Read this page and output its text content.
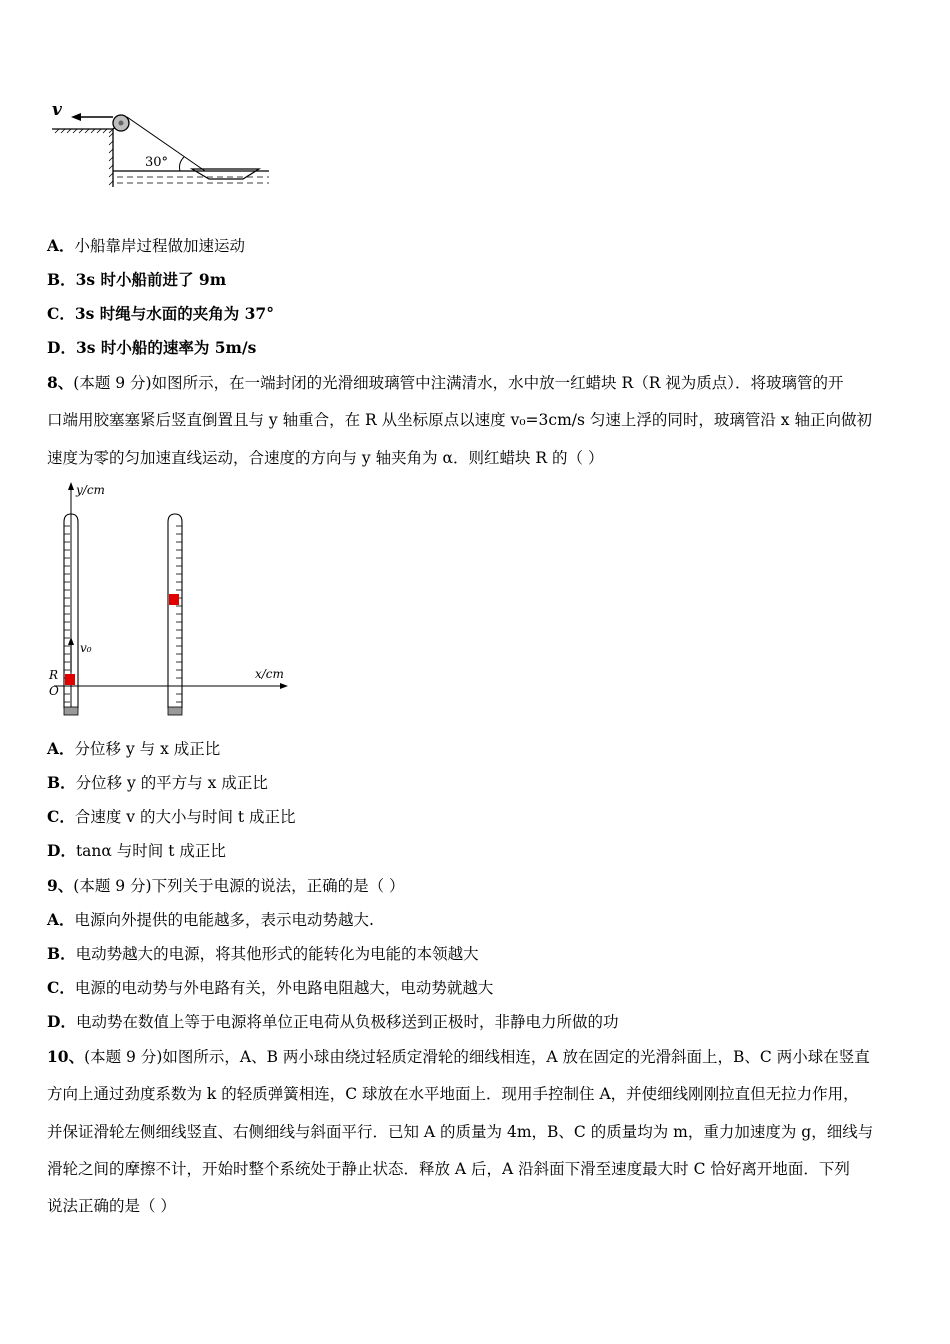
v
30°
A．小船靠岸过程做加速运动
B．3s 时小船前进了 9m
C．3s 时绳与水面的夹角为 37°
D．3s 时小船的速率为 5m/s
8、(本题 9 分)如图所示，在一端封闭的光滑细玻璃管中注满清水，水中放一红蜡块 R（R 视为质点）．将玻璃管的开
口端用胶塞塞紧后竖直倒置且与 y 轴重合，在 R 从坐标原点以速度 v₀=3cm/s 匀速上浮的同时，玻璃管沿 x 轴正向做初
速度为零的匀加速直线运动，合速度的方向与 y 轴夹角为 α．则红蜡块 R 的（ ）
y/cm
x/cm
v₀
R
O
A．分位移 y 与 x 成正比
B．分位移 y 的平方与 x 成正比
C．合速度 v 的大小与时间 t 成正比
D．tanα 与时间 t 成正比
9、(本题 9 分)下列关于电源的说法，正确的是（ ）
A．电源向外提供的电能越多，表示电动势越大.
B．电动势越大的电源，将其他形式的能转化为电能的本领越大
C．电源的电动势与外电路有关，外电路电阻越大，电动势就越大
D．电动势在数值上等于电源将单位正电荷从负极移送到正极时，非静电力所做的功
10、(本题 9 分)如图所示，A、B 两小球由绕过轻质定滑轮的细线相连，A 放在固定的光滑斜面上，B、C 两小球在竖直
方向上通过劲度系数为 k 的轻质弹簧相连，C 球放在水平地面上．现用手控制住 A，并使细线刚刚拉直但无拉力作用，
并保证滑轮左侧细线竖直、右侧细线与斜面平行．已知 A 的质量为 4m，B、C 的质量均为 m，重力加速度为 g，细线与
滑轮之间的摩擦不计，开始时整个系统处于静止状态．释放 A 后，A 沿斜面下滑至速度最大时 C 恰好离开地面．下列
说法正确的是（ ）
